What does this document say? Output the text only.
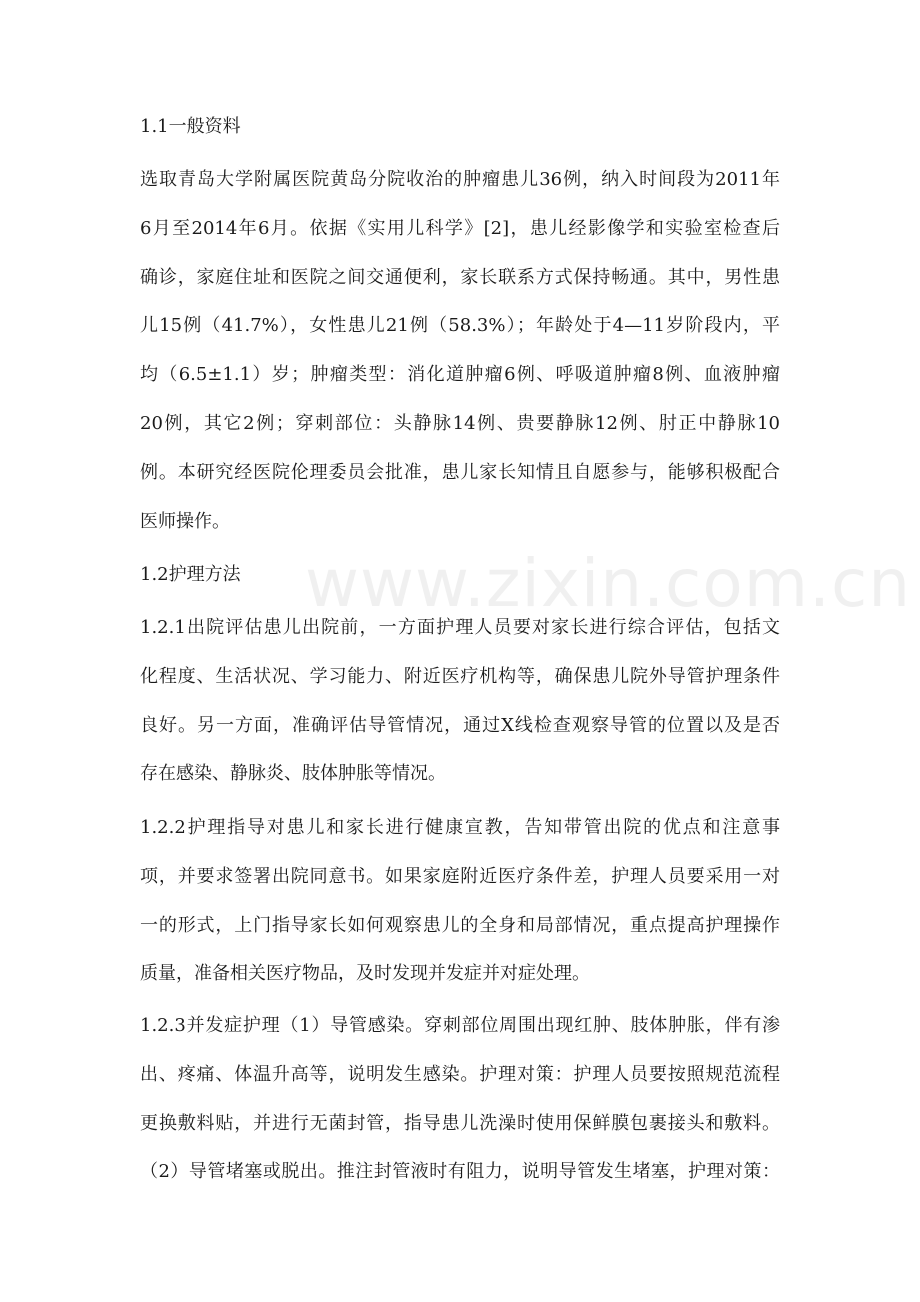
www.zixin.com.cn
1.1一般资料
选取青岛大学附属医院黄岛分院收治的肿瘤患儿36例，纳入时间段为2011年
6月至2014年6月。依据《实用儿科学》[2]，患儿经影像学和实验室检查后
确诊，家庭住址和医院之间交通便利，家长联系方式保持畅通。其中，男性患
儿15例（41.7%），女性患儿21例（58.3%）；年龄处于4—11岁阶段内，平
均（6.5±1.1）岁；肿瘤类型：消化道肿瘤6例、呼吸道肿瘤8例、血液肿瘤
20例，其它2例；穿刺部位：头静脉14例、贵要静脉12例、肘正中静脉10
例。本研究经医院伦理委员会批准，患儿家长知情且自愿参与，能够积极配合
医师操作。
1.2护理方法
1.2.1出院评估患儿出院前，一方面护理人员要对家长进行综合评估，包括文
化程度、生活状况、学习能力、附近医疗机构等，确保患儿院外导管护理条件
良好。另一方面，准确评估导管情况，通过X线检查观察导管的位置以及是否
存在感染、静脉炎、肢体肿胀等情况。
1.2.2护理指导对患儿和家长进行健康宣教，告知带管出院的优点和注意事
项，并要求签署出院同意书。如果家庭附近医疗条件差，护理人员要采用一对
一的形式，上门指导家长如何观察患儿的全身和局部情况，重点提高护理操作
质量，准备相关医疗物品，及时发现并发症并对症处理。
1.2.3并发症护理（1）导管感染。穿刺部位周围出现红肿、肢体肿胀，伴有渗
出、疼痛、体温升高等，说明发生感染。护理对策：护理人员要按照规范流程
更换敷料贴，并进行无菌封管，指导患儿洗澡时使用保鲜膜包裹接头和敷料。
（2）导管堵塞或脱出。推注封管液时有阻力，说明导管发生堵塞，护理对策：
